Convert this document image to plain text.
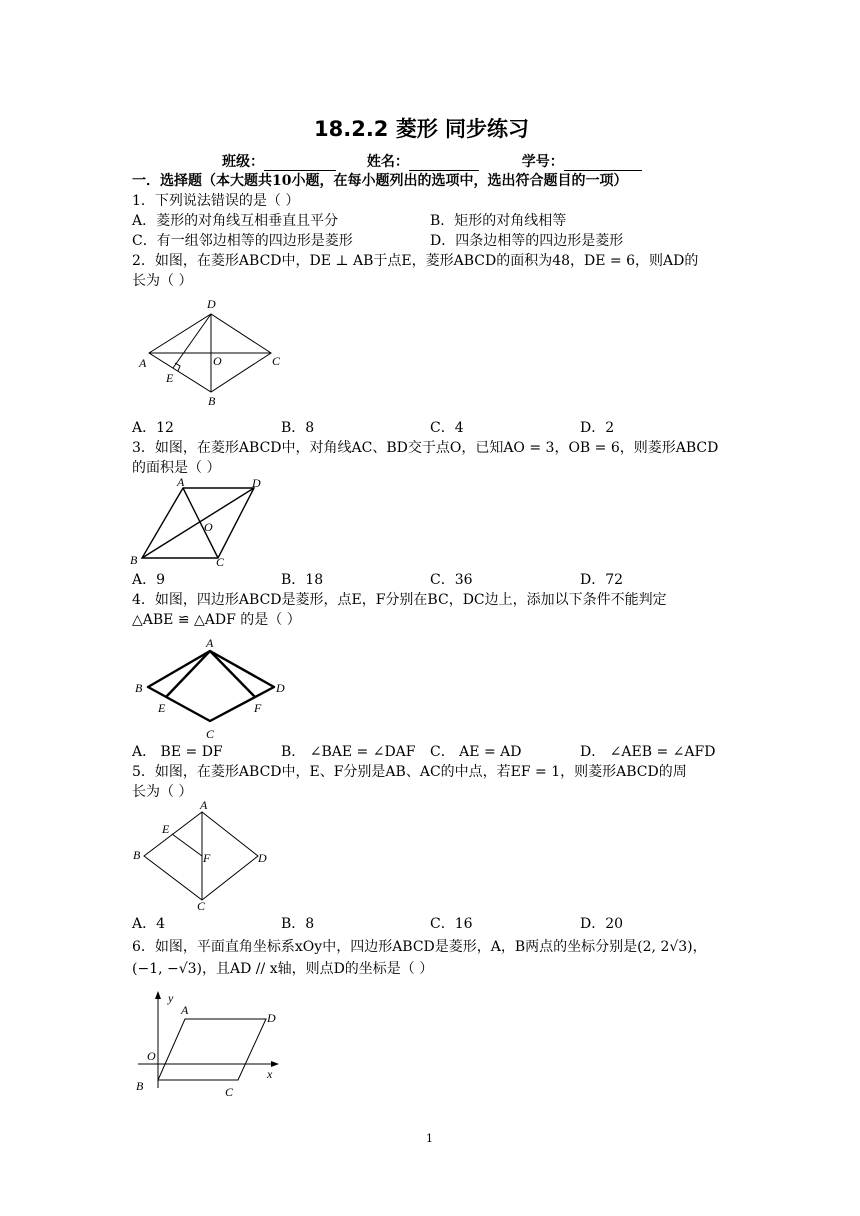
18.2.2 菱形 同步练习
班级：	姓名：	学号：
一．选择题（本大题共10小题，在每小题列出的选项中，选出符合题目的一项）
1．下列说法错误的是（ ）
A．菱形的对角线互相垂直且平分	B．矩形的对角线相等
C．有一组邻边相等的四边形是菱形	D．四条边相等的四边形是菱形
2．如图，在菱形ABCD中，DE ⊥ AB于点E，菱形ABCD的面积为48，DE = 6，则AD的
长为（ ）
D
A	O	C
E
B
A．12	B．8	C．4	D．2
3．如图，在菱形ABCD中，对角线AC、BD交于点O，已知AO = 3，OB = 6，则菱形ABCD
的面积是（ ）
A	D
O
B	C
A．9	B．18	C．36	D．72
4．如图，四边形ABCD是菱形，点E，F分别在BC，DC边上，添加以下条件不能判定
△ABE ≌ △ADF 的是（ ）
A
B	D
E	F
C
A． BE = DF	B． ∠BAE = ∠DAF C． AE = AD	D． ∠AEB = ∠AFD
5．如图，在菱形ABCD中，E、F分别是AB、AC的中点，若EF = 1，则菱形ABCD的周
长为（ ）
A
E
B	F	D
C
A．4	B．8	C．16	D．20
6．如图，平面直角坐标系xOy中，四边形ABCD是菱形，A，B两点的坐标分别是(2, 2√3)，
(−1, −√3)，且AD // x轴，则点D的坐标是（ ）
y
A
D
O
x
B	C
1
